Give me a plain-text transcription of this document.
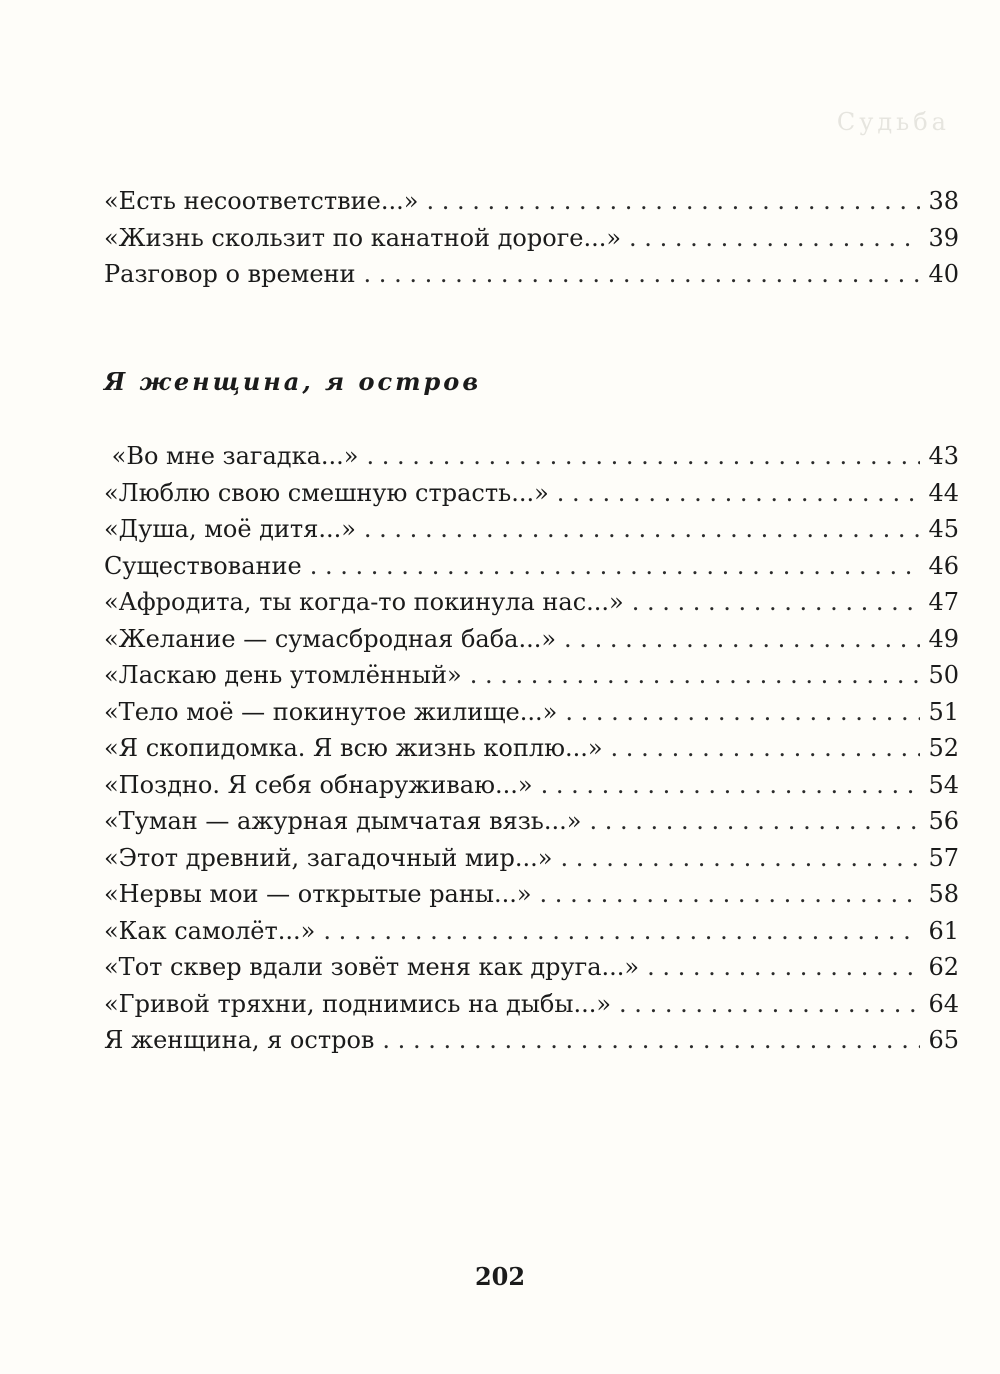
Судьба
«Есть несоответствие...» . . .	38
«Жизнь скользит по канатной дороге...» . . .	39
Разговор о времени . . .	40
Я женщина, я остров
«Во мне загадка...» . . .	43
«Люблю свою смешную страсть...» . . .	44
«Душа, моё дитя...» . . .	45
Существование . . .	46
«Афродита, ты когда-то покинула нас...» . . .	47
«Желание — сумасбродная баба...» . . .	49
«Ласкаю день утомлённый» . . .	50
«Тело моё — покинутое жилище...» . . .	51
«Я скопидомка. Я всю жизнь коплю...» . . .	52
«Поздно. Я себя обнаруживаю...» . . .	54
«Туман — ажурная дымчатая вязь...» . . .	56
«Этот древний, загадочный мир...» . . .	57
«Нервы мои — открытые раны...» . . .	58
«Как самолёт...» . . .	61
«Тот сквер вдали зовёт меня как друга...» . . .	62
«Гривой тряхни, поднимись на дыбы...» . . .	64
Я женщина, я остров . . .	65
202
